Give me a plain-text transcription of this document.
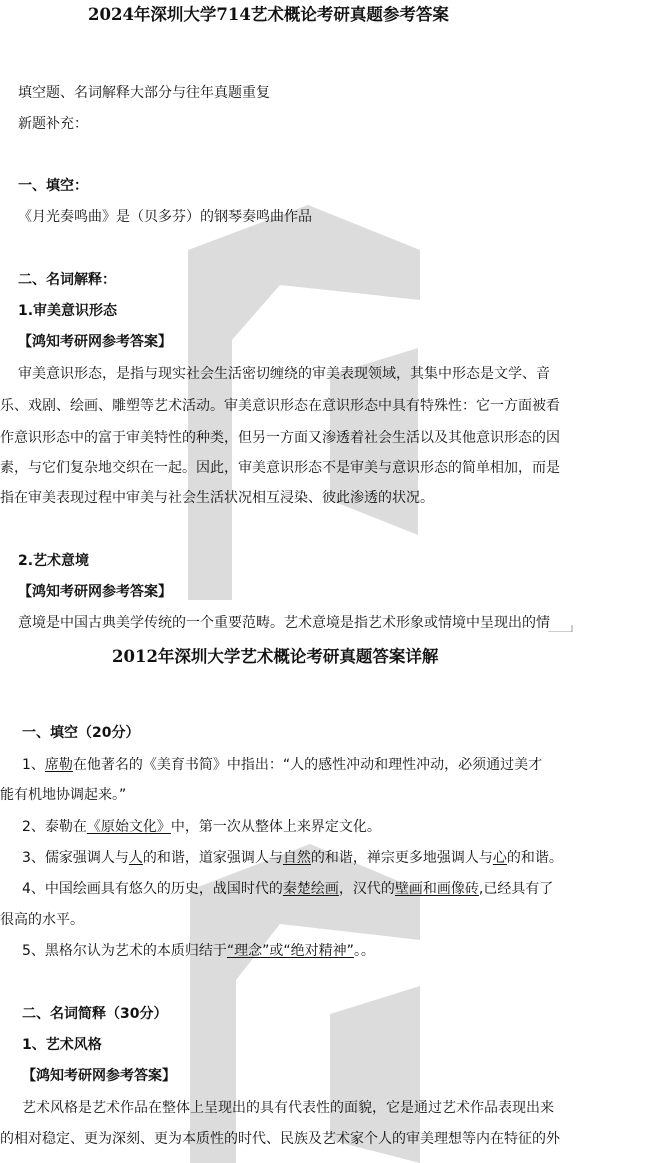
2024年深圳大学714艺术概论考研真题参考答案
填空题、名词解释大部分与往年真题重复
新题补充：
一、填空：
《月光奏鸣曲》是（贝多芬）的钢琴奏鸣曲作品
二、名词解释：
1.审美意识形态
【鸿知考研网参考答案】
审美意识形态，是指与现实社会生活密切缠绕的审美表现领域，其集中形态是文学、音
乐、戏剧、绘画、雕塑等艺术活动。审美意识形态在意识形态中具有特殊性：它一方面被看
作意识形态中的富于审美特性的种类，但另一方面又渗透着社会生活以及其他意识形态的因
素，与它们复杂地交织在一起。因此，审美意识形态不是审美与意识形态的简单相加，而是
指在审美表现过程中审美与社会生活状况相互浸染、彼此渗透的状况。
2.艺术意境
【鸿知考研网参考答案】
意境是中国古典美学传统的一个重要范畴。艺术意境是指艺术形象或情境中呈现出的情
2012年深圳大学艺术概论考研真题答案详解
一、填空（20分）
1、席勒在他著名的《美育书简》中指出：“人的感性冲动和理性冲动，必须通过美才
能有机地协调起来。”
2、泰勒在《原始文化》中，第一次从整体上来界定文化。
3、儒家强调人与人的和谐，道家强调人与自然的和谐，禅宗更多地强调人与心的和谐。
4、中国绘画具有悠久的历史，战国时代的秦楚绘画，汉代的壁画和画像砖,已经具有了
很高的水平。
5、黑格尔认为艺术的本质归结于“理念”或“绝对精神”。。
二、名词简释（30分）
1、艺术风格
【鸿知考研网参考答案】
艺术风格是艺术作品在整体上呈现出的具有代表性的面貌，它是通过艺术作品表现出来
的相对稳定、更为深刻、更为本质性的时代、民族及艺术家个人的审美理想等内在特征的外
